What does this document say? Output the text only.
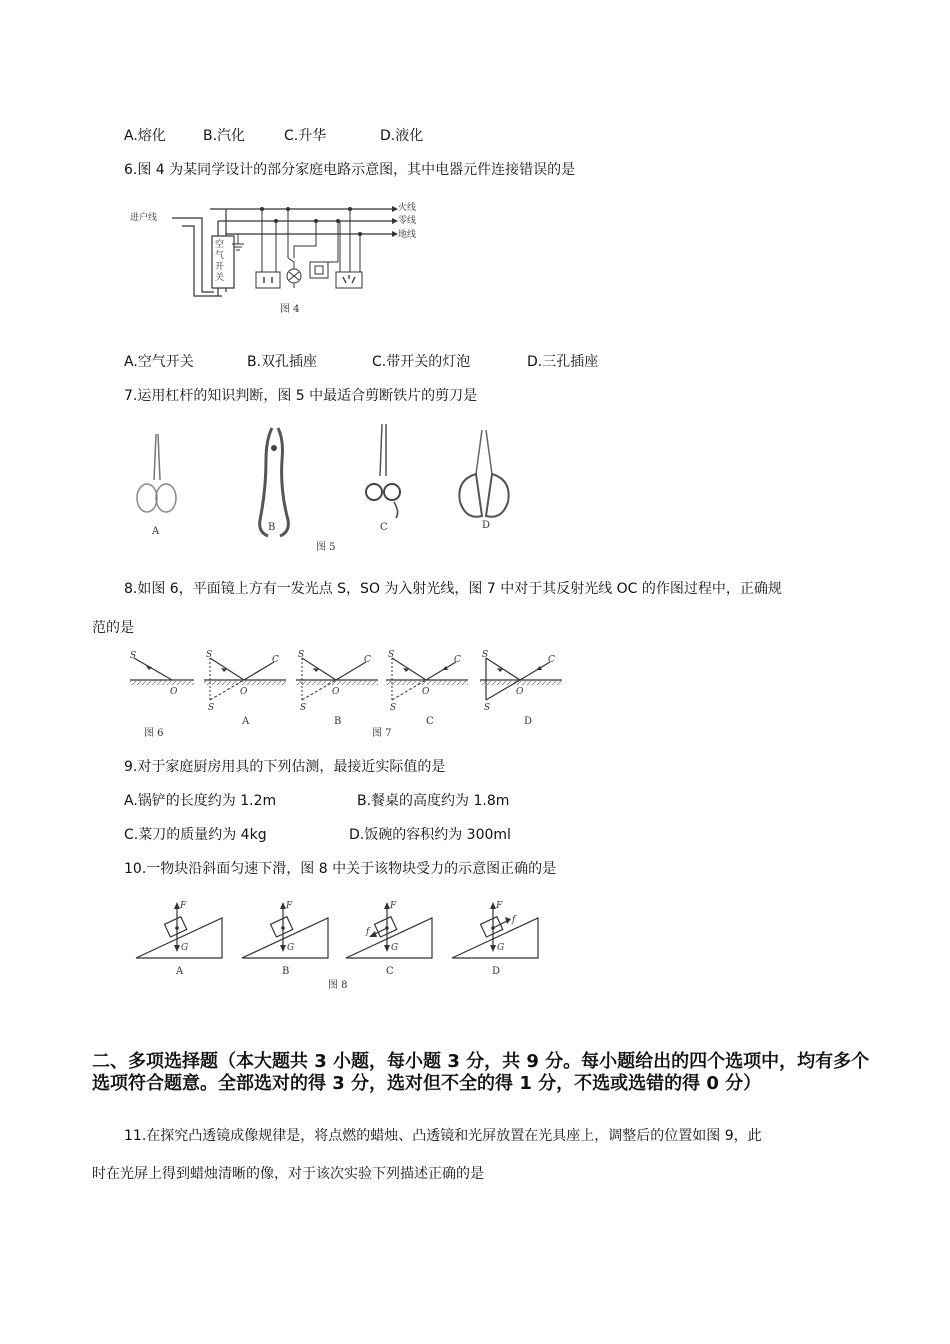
A.熔化	B.汽化	C.升华	D.液化
6.图 4 为某同学设计的部分家庭电路示意图，其中电器元件连接错误的是
进户线
火线
零线
地线
图 4
空气开关
A.空气开关	B.双孔插座	C.带开关的灯泡	D.三孔插座
7.运用杠杆的知识判断，图 5 中最适合剪断铁片的剪刀是
A	B	C	D
图 5
8.如图 6，平面镜上方有一发光点 S，SO 为入射光线，图 7 中对于其反射光线 OC 的作图过程中，正确规
范的是
S
O
图 6
S
S
O
C
A
S
S
O
C
B
S
S
O
C
C
图 7
S
S
O
C
D
9.对于家庭厨房用具的下列估测，最接近实际值的是
A.锅铲的长度约为 1.2m	B.餐桌的高度约为 1.8m
C.菜刀的质量约为 4kg	D.饭碗的容积约为 300ml
10.一物块沿斜面匀速下滑，图 8 中关于该物块受力的示意图正确的是
F
G
A
F
G
B
F
G
f
C
图 8
F
G
f
D
二、多项选择题（本大题共 3 小题，每小题 3 分，共 9 分。每小题给出的四个选项中，均有多个选项符合题意。全部选对的得 3 分，选对但不全的得 1 分，不选或选错的得 0 分）
11.在探究凸透镜成像规律是，将点燃的蜡烛、凸透镜和光屏放置在光具座上，调整后的位置如图 9，此
时在光屏上得到蜡烛清晰的像，对于该次实验下列描述正确的是
